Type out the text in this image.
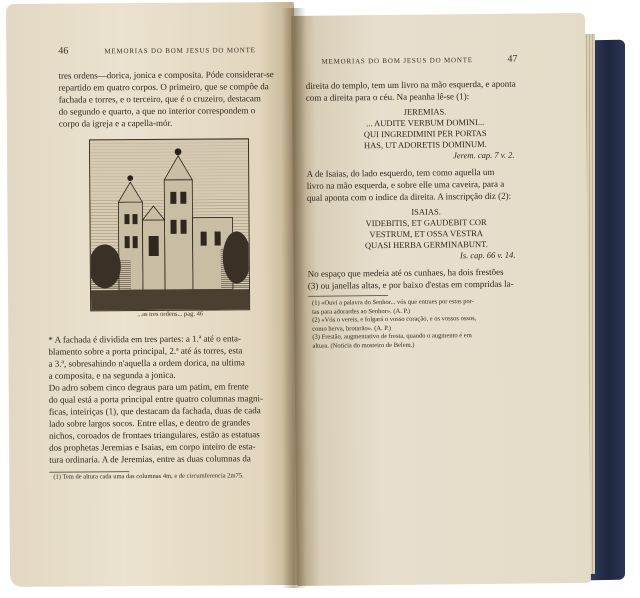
46	MEMORIAS DO BOM JESUS DO MONTE

tres ordens—dorica, jonica e composita. Póde considerar-se

repartido em quatro corpos. O primeiro, que se compõe da

fachada e torres, e o terceiro, que é o cruzeiro, destacam

do segundo e quarto, a que no interior correspondem o

corpo da igreja e a capella-mór.

...as tres ordens... pag. 46

* A fachada é dividida em tres partes: a 1.ª até o enta-

blamento sobre a porta principal, 2.ª até ás torres, esta

a 3.ª, sobresahindo n'aquella a ordem dorica, na ultima

a composita, e na segunda a jonica.

Do adro sobem cinco degraus para um patim, em frente

do qual está a porta principal entre quatro columnas magni-

ficas, inteiriças (1), que destacam da fachada, duas de cada

lado sobre largos socos. Entre ellas, e dentro de grandes

nichos, coroados de frontaes triangulares, estão as estatuas

dos prophetas Jeremias e Isaias, em corpo inteiro de esta-

tura ordinaria. A de Jeremias, entre as duas columnas da

(1) Tem de altura cada uma das columnas 4m, e de circumferencia 2m75.
MEMORIAS DO BOM JESUS DO MONTE	47

direita do templo, tem um livro na mão esquerda, e aponta

com a direita para o céu. Na peanha lê-se (1):

JEREMIAS.

... AUDITE VERBUM DOMINI...

QUI INGREDIMINI PER PORTAS

HAS, UT ADORETIS DOMINUM.

Jerem. cap. 7 v. 2.

A de Isaias, do lado esquerdo, tem como aquella um

livro na mão esquerda, e sobre elle uma caveira, para a

qual aponta com o indice da direita. A inscripção diz (2):

ISAIAS.

VIDEBITIS, ET GAUDEBIT COR

VESTRUM, ET OSSA VESTRA

QUASI HERBA GERMINABUNT.

Is. cap. 66 v. 14.

No espaço que medeia até os cunhaes, ha dois frestões

(3) ou janellas altas, e por baixo d'estas em compridas la-

(1) «Ouvi a palavra do Senhor... vós que entraes por estas por-

tas para adorardes ao Senhor». (A. P.)

(2) «Vós o vereis, e folgará o vosso coração, e os vossos ossos,

como herva, brotarão». (A. P.)

(3) Frestão, augmentativo de fresta, quando o augmento é em

altura. (Noticia do mosteiro de Belem.)
